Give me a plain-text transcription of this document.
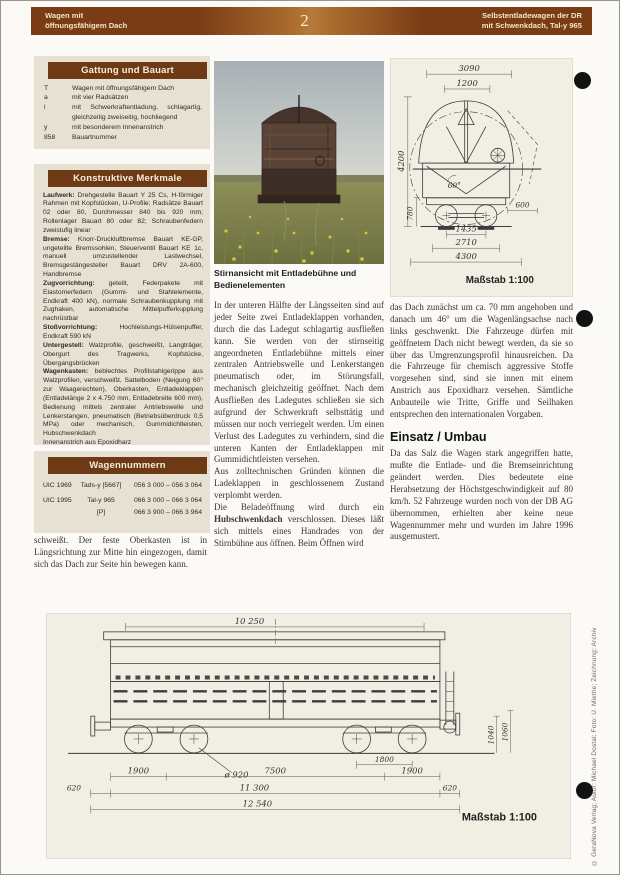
Wagen mit
öffnungsfähigem Dach	2	Selbstentladewagen der DR
mit Schwenkdach, Tal-y 965
Gattung und Bauart
T	Wagen mit öffnungsfähigem Dach
a	mit vier Radsätzen
l	mit Schwerkraftentladung, schlagartig, gleichzeitig zweiseitig, hochliegend
y	mit besonderem Innenanstrich
858	Bauartnummer
Konstruktive Merkmale
Laufwerk: Drehgestelle Bauart Y 25 Cs, H-förmiger Rahmen mit Kopfstücken, U-Profile; Radsätze Bauart 02 oder 80, Durchmesser 840 bis 920 mm; Rollenlager Bauart 80 oder 82; Schraubenfedern zweistufig linear
Bremse: Knorr-Druckluftbremse Bauart KE-GP, ungeteilte Bremssohlen, Steuerventil Bauart KE 1c, manuell umzustellender Lastwechsel, Bremsgestängesteller Bauart DRV 2A-600, Handbremse
Zugvorrichtung: geteilt, Federpakete mit Elastomerfedern (Gummi- und Stahlelemente, Endkraft 400 kN), normale Schraubenkupplung mit Zughaken, automatische Mittelpufferkupplung nachrüstbar
Stoßvorrichtung:	Hochleistungs-Hülsenpuffer, Endkraft 590 kN
Untergestell: Walzprofile, geschweißt, Langträger, Obergurt des Tragwerks, Kopfstücke, Übergangsbrücken
Wagenkasten: beblechtes Profilstahlgerippe aus Walzprofilen, verschweißt, Sattelboden (Neigung 60° zur Waagerechten), Oberkasten, Entladeklappen (Entladelänge 2 x 4.750 mm, Entladebreite 600 mm), Bedienung mittels zentraler Antriebswelle und Lenkerstangen, pneumatisch (Betriebsüberdruck 0,5 MPa) oder mechanisch, Gummidichtleisten, Hubschwenkdach
Innenanstrich aus Epoxidharz
Wagennummern
UIC 1969	Tads-y [5667]	056 3 000 – 056 3 064
UIC 1995	Tal-y 965	066 3 000 – 066 3 064
[P]	066 3 900 – 066 3 964
schweißt. Der feste Oberkasten ist in Längsrichtung zur Mitte hin eingezogen, damit sich das Dach zur Seite hin bewegen kann.
Stirnansicht mit Entladebühne und Bedienelementen

In der unteren Hälfte der Längsseiten sind auf jeder Seite zwei Entladeklappen vorhanden, durch die das Ladegut schlagartig ausfließen kann. Sie werden von der stirnseitig angeordneten Entladebühne mittels einer zentralen Antriebswelle und Lenkerstangen pneumatisch oder, im Störungsfall, mechanisch gleichzeitig geöffnet. Nach dem Ausfließen des Ladegutes schließen sie sich aufgrund der Schwerkraft selbsttätig und müssen nur noch verriegelt werden. Um einen Verlust des Ladegutes zu verhindern, sind die unteren Kanten der Entladeklappen mit Gummidichtleisten versehen.

Aus zolltechnischen Gründen können die Ladeklappen in geschlossenem Zustand verplombt werden.

Die Beladeöffnung wird durch ein Hubschwenkdach verschlossen. Dieses läßt sich mittels eines Handrades von der Stirnbühne aus öffnen. Beim Öffnen wird

3090
1200
4200
60°
780
600
1435
2710
4300
Maßstab 1:100

das Dach zunächst um ca. 70 mm angehoben und danach um 46° um die Wagenlängsachse nach links geschwenkt. Die Fahrzeuge dürfen mit geöffnetem Dach nicht bewegt werden, da sie so über das Umgrenzungsprofil hinausreichen. Da die Fahrzeuge für chemisch aggressive Stoffe vorgesehen sind, sind sie innen mit einem Anstrich aus Epoxidharz versehen. Sämtliche Anbauteile wie Tritte, Griffe und Seilhaken entsprechen den internationalen Vorgaben.

Einsatz / Umbau

Da das Salz die Wagen stark angegriffen hatte, mußte die Entlade- und die Bremseinrichtung geändert werden. Dies bedeutete eine Herabsetzung der Höchstgeschwindigkeit auf 80 km/h. 52 Fahrzeuge wurden noch von der DB AG übernommen, erhielten aber keine neue Wagennummer mehr und wurden im Jahre 1996 ausgemustert.

10 250
ø 920
1900	7500
1800
1900
620	11 300	620
12 540
1040 1060
Maßstab 1:100	© GeraNova Verlag; Autor: Michael Dostal; Foto: U. Miethe; Zeichnung: Archiv
